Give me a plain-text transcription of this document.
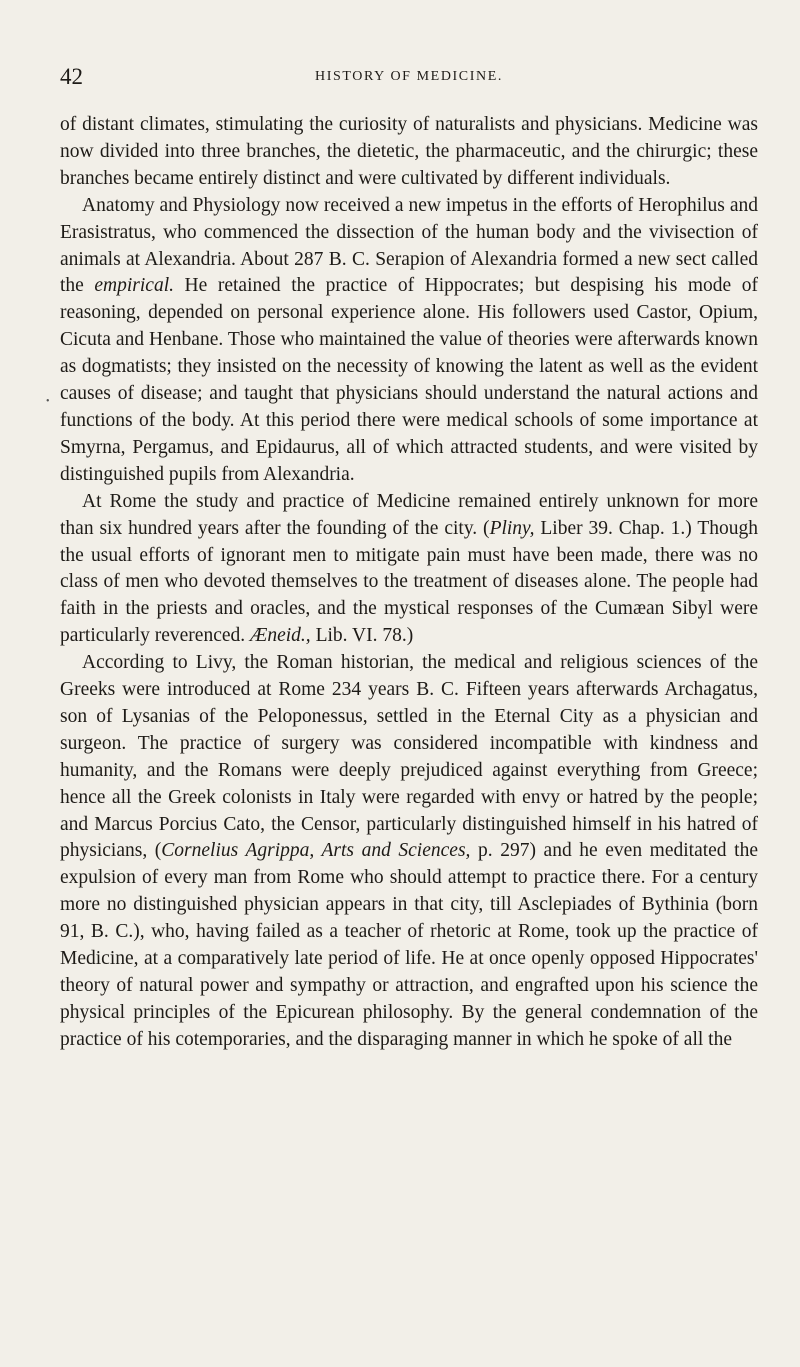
42	HISTORY OF MEDICINE.

of distant climates, stimulating the curiosity of naturalists and physicians. Medicine was now divided into three branches, the dietetic, the pharmaceutic, and the chirurgic; these branches became entirely distinct and were cultivated by different individuals.

Anatomy and Physiology now received a new impetus in the efforts of Herophilus and Erasistratus, who commenced the dissection of the human body and the vivisection of animals at Alexandria. About 287 B. C. Serapion of Alexandria formed a new sect called the empirical. He retained the practice of Hippocrates; but despising his mode of reasoning, depended on personal experience alone. His followers used Castor, Opium, Cicuta and Henbane. Those who maintained the value of theories were afterwards known as dogmatists; they insisted on the necessity of knowing the latent as well as the evident causes of disease; and taught that physicians should understand the natural actions and functions of the body. At this period there were medical schools of some importance at Smyrna, Pergamus, and Epidaurus, all of which attracted students, and were visited by distinguished pupils from Alexandria.

At Rome the study and practice of Medicine remained entirely unknown for more than six hundred years after the founding of the city. (Pliny, Liber 39. Chap. 1.) Though the usual efforts of ignorant men to mitigate pain must have been made, there was no class of men who devoted themselves to the treatment of diseases alone. The people had faith in the priests and oracles, and the mystical responses of the Cumæan Sibyl were particularly reverenced. Æneid., Lib. VI. 78.)

According to Livy, the Roman historian, the medical and religious sciences of the Greeks were introduced at Rome 234 years B. C. Fifteen years afterwards Archagatus, son of Lysanias of the Peloponessus, settled in the Eternal City as a physician and surgeon. The practice of surgery was considered incompatible with kindness and humanity, and the Romans were deeply prejudiced against everything from Greece; hence all the Greek colonists in Italy were regarded with envy or hatred by the people; and Marcus Porcius Cato, the Censor, particularly distinguished himself in his hatred of physicians, (Cornelius Agrippa, Arts and Sciences, p. 297) and he even meditated the expulsion of every man from Rome who should attempt to practice there. For a century more no distinguished physician appears in that city, till Asclepiades of Bythinia (born 91, B. C.), who, having failed as a teacher of rhetoric at Rome, took up the practice of Medicine, at a comparatively late period of life. He at once openly opposed Hippocrates' theory of natural power and sympathy or attraction, and engrafted upon his science the physical principles of the Epicurean philosophy. By the general condemnation of the practice of his cotemporaries, and the disparaging manner in which he spoke of all the

•
